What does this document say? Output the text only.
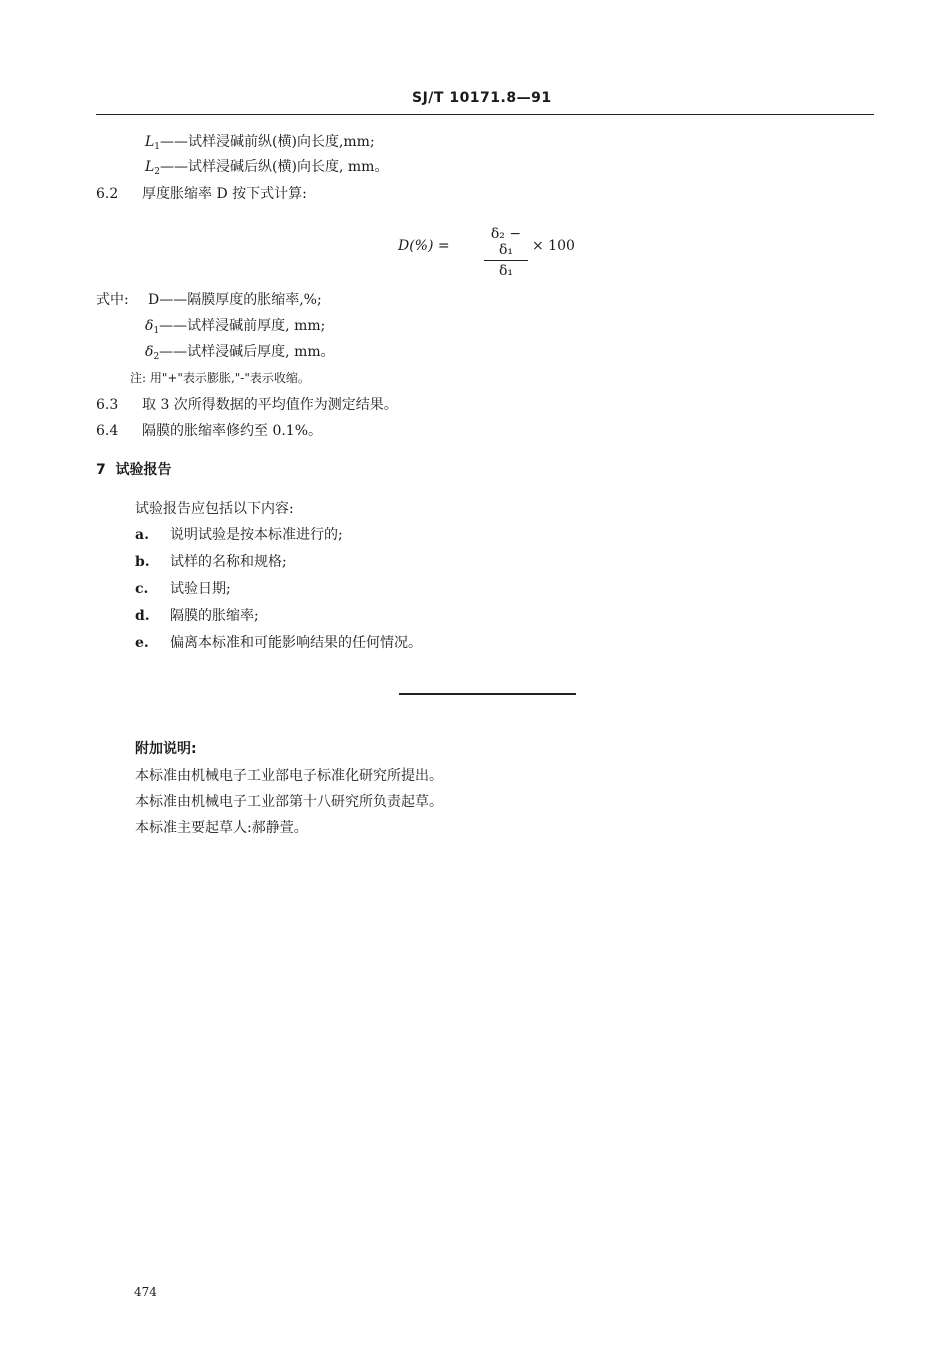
SJ/T 10171.8—91
$L_1——$试样浸碱前纵(横)向长度,mm;
$L_2——$试样浸碱后纵(横)向长度, mm。
6.2 厚度胀缩率 D 按下式计算:
D(%) =
δ₂ − δ₁
δ₁
× 100
式中: D——隔膜厚度的胀缩率,%;
$\delta_1——$试样浸碱前厚度, mm;
$\delta_2——$试样浸碱后厚度, mm。
注: 用"+"表示膨胀,"-"表示收缩。
6.3 取 3 次所得数据的平均值作为测定结果。
6.4 隔膜的胀缩率修约至 0.1%。
7  试验报告
试验报告应包括以下内容:
a. 说明试验是按本标准进行的;
b. 试样的名称和规格;
c. 试验日期;
d. 隔膜的胀缩率;
e. 偏离本标准和可能影响结果的任何情况。
附加说明:
本标准由机械电子工业部电子标准化研究所提出。
本标准由机械电子工业部第十八研究所负责起草。
本标准主要起草人:郝静萱。
474
